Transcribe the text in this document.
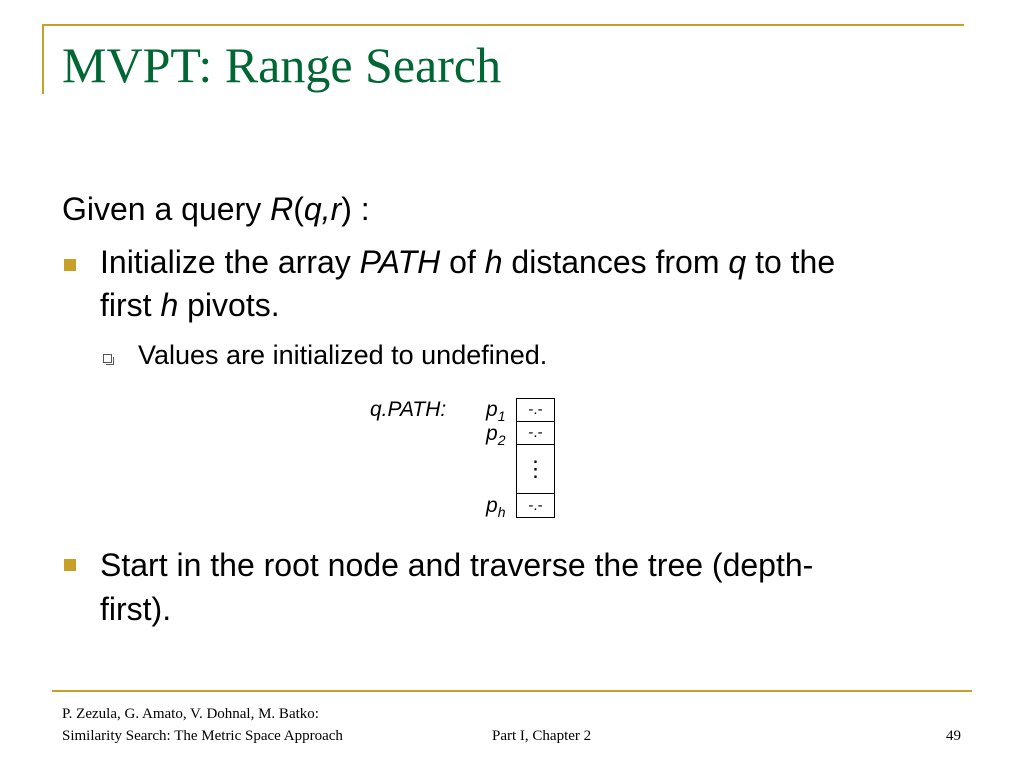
MVPT: Range Search
Given a query R(q,r) :
Initialize the array PATH of h distances from q to the
first h pivots.
Values are initialized to undefined.
q.PATH: $p_1$
$p_2$
$p_h$
-.-
-.-
⋮
-.-
Start in the root node and traverse the tree (depth-
first).
P. Zezula, G. Amato, V. Dohnal, M. Batko:
Similarity Search: The Metric Space Approach	Part I, Chapter 2	49
